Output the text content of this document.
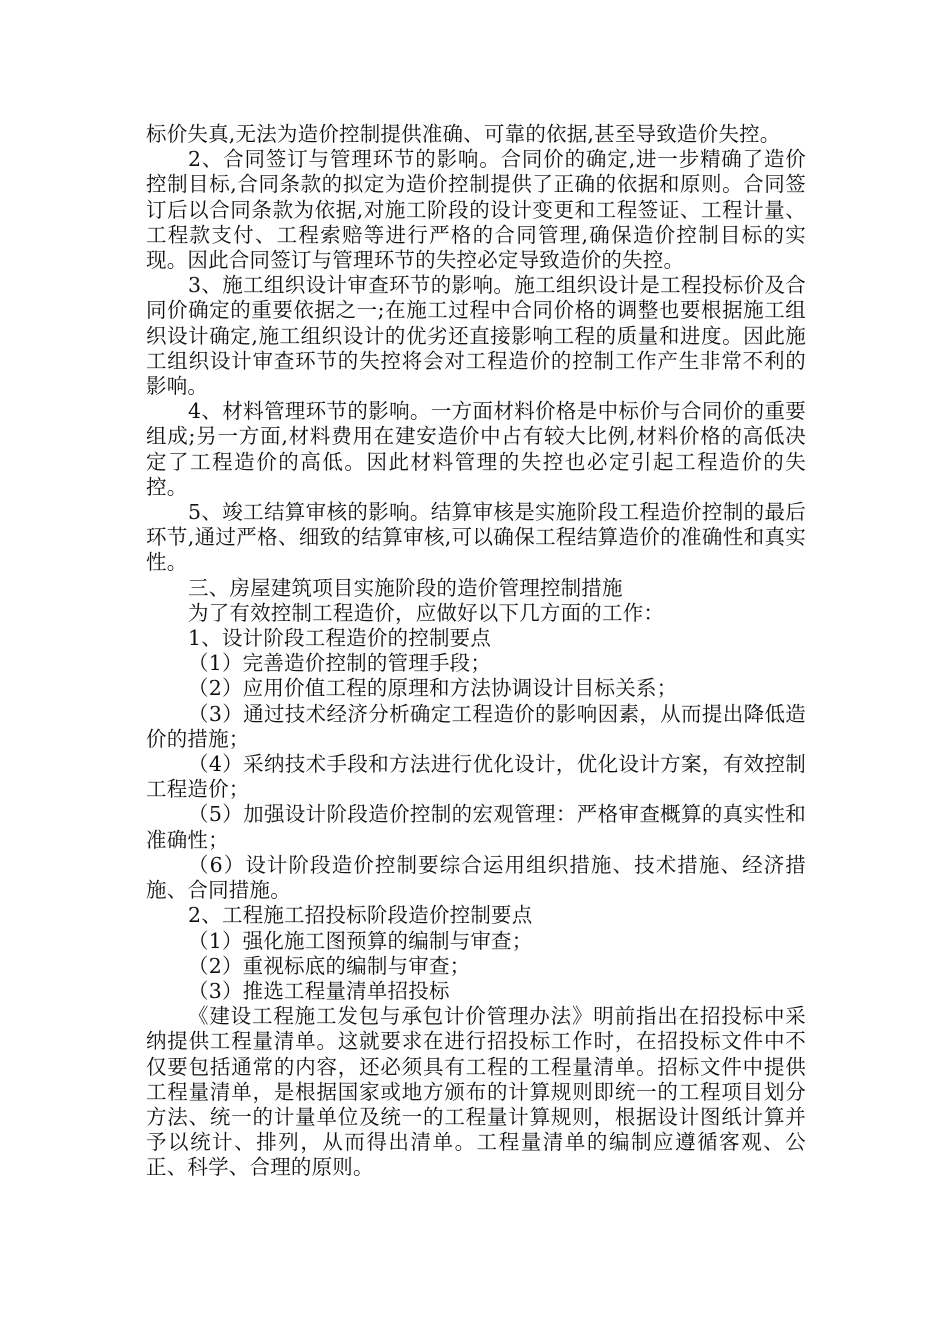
标价失真,无法为造价控制提供准确、可靠的依据,甚至导致造价失控。

2、合同签订与管理环节的影响。合同价的确定,进一步精确了造价控制目标,合同条款的拟定为造价控制提供了正确的依据和原则。合同签订后以合同条款为依据,对施工阶段的设计变更和工程签证、工程计量、工程款支付、工程索赔等进行严格的合同管理,确保造价控制目标的实现。因此合同签订与管理环节的失控必定导致造价的失控。

3、施工组织设计审查环节的影响。施工组织设计是工程投标价及合同价确定的重要依据之一;在施工过程中合同价格的调整也要根据施工组织设计确定,施工组织设计的优劣还直接影响工程的质量和进度。因此施工组织设计审查环节的失控将会对工程造价的控制工作产生非常不利的影响。

4、材料管理环节的影响。一方面材料价格是中标价与合同价的重要组成;另一方面,材料费用在建安造价中占有较大比例,材料价格的高低决定了工程造价的高低。因此材料管理的失控也必定引起工程造价的失控。

5、竣工结算审核的影响。结算审核是实施阶段工程造价控制的最后环节,通过严格、细致的结算审核,可以确保工程结算造价的准确性和真实性。

三、房屋建筑项目实施阶段的造价管理控制措施

为了有效控制工程造价，应做好以下几方面的工作：

1、设计阶段工程造价的控制要点

（1）完善造价控制的管理手段；

（2）应用价值工程的原理和方法协调设计目标关系；

（3）通过技术经济分析确定工程造价的影响因素，从而提出降低造价的措施；

（4）采纳技术手段和方法进行优化设计，优化设计方案，有效控制工程造价；

（5）加强设计阶段造价控制的宏观管理：严格审查概算的真实性和准确性；

（6）设计阶段造价控制要综合运用组织措施、技术措施、经济措施、合同措施。

2、工程施工招投标阶段造价控制要点

（1）强化施工图预算的编制与审查；

（2）重视标底的编制与审查；

（3）推选工程量清单招投标

《建设工程施工发包与承包计价管理办法》明前指出在招投标中采纳提供工程量清单。这就要求在进行招投标工作时，在招投标文件中不仅要包括通常的内容，还必须具有工程的工程量清单。招标文件中提供工程量清单，是根据国家或地方颁布的计算规则即统一的工程项目划分方法、统一的计量单位及统一的工程量计算规则，根据设计图纸计算并予以统计、排列，从而得出清单。工程量清单的编制应遵循客观、公正、科学、合理的原则。
